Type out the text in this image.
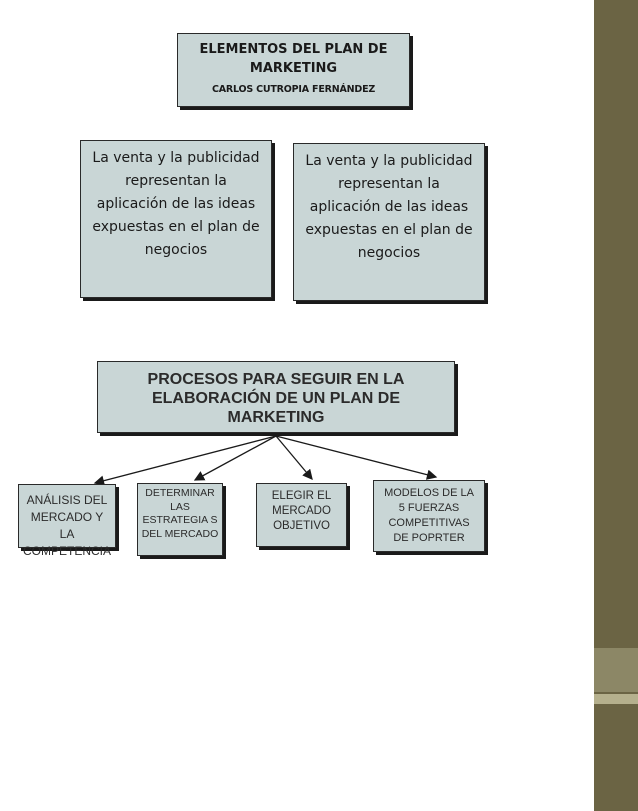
ELEMENTOS DEL PLAN DE MARKETING
CARLOS CUTROPIA FERNÁNDEZ
La venta y la publicidad representan la aplicación de las ideas expuestas en el plan de negocios
La venta y la publicidad representan la aplicación de las ideas expuestas en el plan de negocios
PROCESOS PARA SEGUIR EN LA ELABORACIÓN DE UN PLAN DE MARKETING
ANÁLISIS DEL MERCADO Y LA COMPETENCIA
DETERMINAR LAS ESTRATEGIA S DEL MERCADO
ELEGIR EL MERCADO OBJETIVO
MODELOS DE LA 5 FUERZAS COMPETITIVAS DE POPRTER
